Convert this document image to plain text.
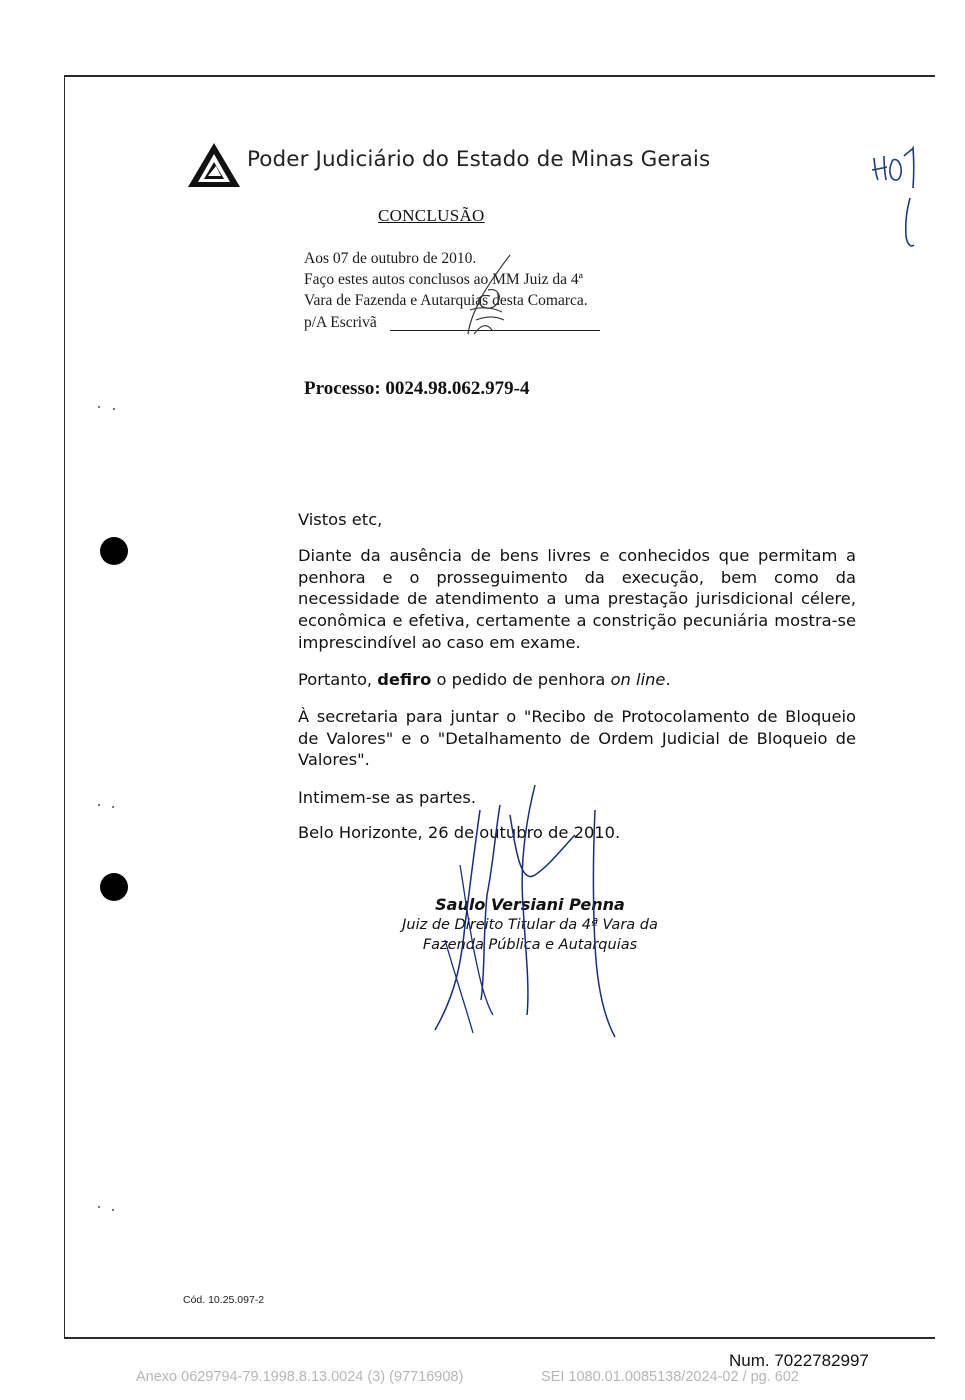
Poder Judiciário do Estado de Minas Gerais
CONCLUSÃO
Aos 07 de outubro de 2010.
Faço estes autos conclusos ao MM Juiz da 4ª
Vara de Fazenda e Autarquias desta Comarca.
p/A Escrivã
Processo: 0024.98.062.979-4
Vistos etc,
Diante da ausência de bens livres e conhecidos que permitam a penhora e o prosseguimento da execução, bem como da necessidade de atendimento a uma prestação jurisdicional célere, econômica e efetiva, certamente a constrição pecuniária mostra-se imprescindível ao caso em exame.
Portanto, defiro o pedido de penhora on line.
À secretaria para juntar o "Recibo de Protocolamento de Bloqueio de Valores" e o "Detalhamento de Ordem Judicial de Bloqueio de Valores".
Intimem-se as partes.
Belo Horizonte, 26 de outubro de 2010.
Saulo Versiani Penna
Juiz de Direito Titular da 4ª Vara da
Fazenda Pública e Autarquias
Cód. 10.25.097-2
Num. 7022782997
Anexo 0629794-79.1998.8.13.0024 (3) (97716908)	SEI 1080.01.0085138/2024-02 / pg. 602
